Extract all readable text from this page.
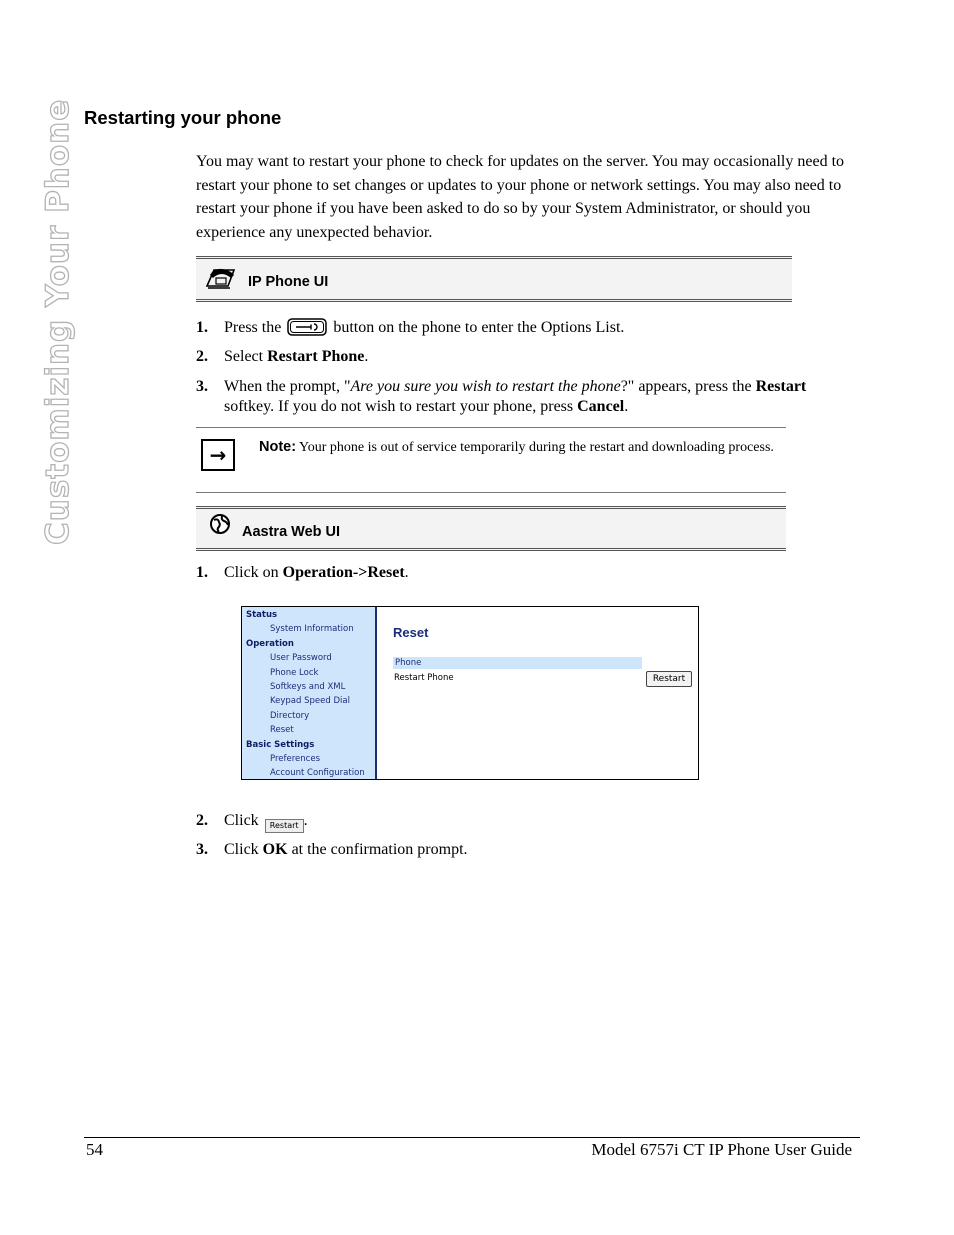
Customizing Your Phone Restarting your phone
You may want to restart your phone to check for updates on the server. You may occasionally need to restart your phone to set changes or updates to your phone or network settings. You may also need to restart your phone if you have been asked to do so by your System Administrator, or should you experience any unexpected behavior.
IP Phone UI
1. Press the	button on the phone to enter the Options List.
2. Select Restart Phone.
3. When the prompt, "Are you sure you wish to restart the phone?" appears, press the Restart softkey. If you do not wish to restart your phone, press Cancel.
→	Note: Your phone is out of service temporarily during the restart and downloading process.
Aastra Web UI
1. Click on Operation->Reset.
Status
System Information
Operation
User Password
Phone Lock
Softkeys and XML
Keypad Speed Dial
Directory
Reset
Basic Settings
Preferences
Account Configuration
Reset
Phone
Restart Phone	Restart
2. Click Restart .
3. Click OK at the confirmation prompt.
54	Model 6757i CT IP Phone User Guide
